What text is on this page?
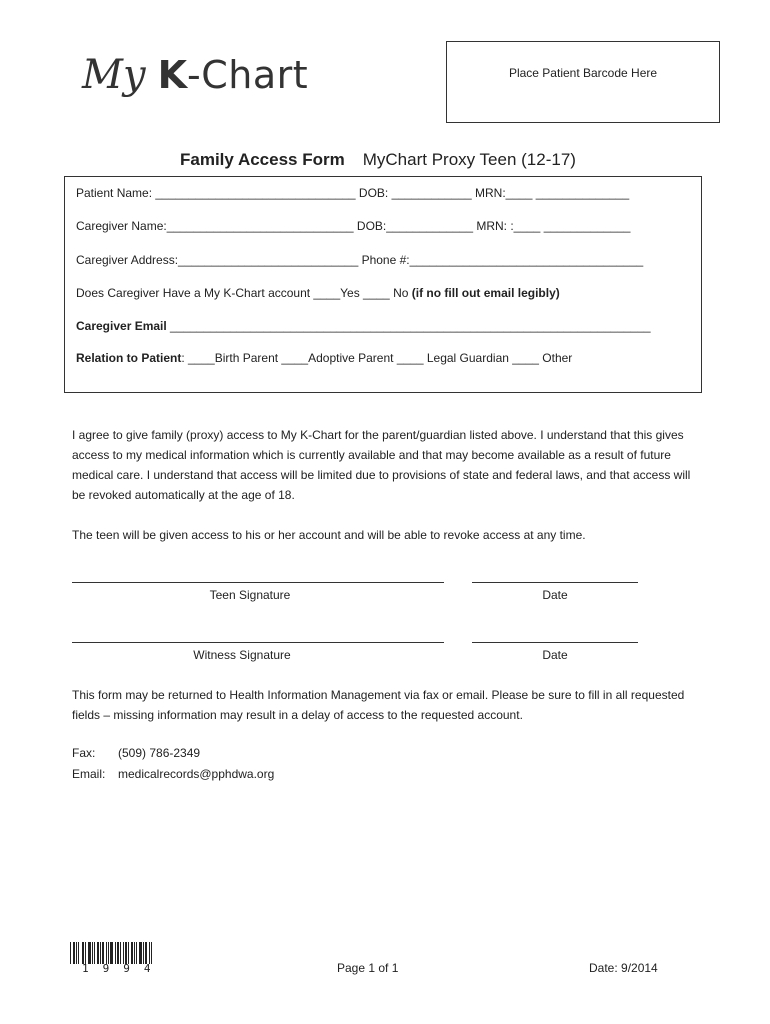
My K-Chart	Place Patient Barcode Here
Family Access Form MyChart Proxy Teen (12-17)
Patient Name: ______________________________ DOB: ____________ MRN:____ ______________
Caregiver Name:____________________________ DOB:_____________ MRN: :____ _____________
Caregiver Address:___________________________ Phone #:___________________________________
Does Caregiver Have a My K-Chart account ____Yes ____ No (if no fill out email legibly)
Caregiver Email ________________________________________________________________________
Relation to Patient: ____Birth Parent ____Adoptive Parent ____ Legal Guardian ____ Other
I agree to give family (proxy) access to My K-Chart for the parent/guardian listed above. I understand that this gives access to my medical information which is currently available and that may become available as a result of future medical care. I understand that access will be limited due to provisions of state and federal laws, and that access will be revoked automatically at the age of 18.
The teen will be given access to his or her account and will be able to revoke access at any time.
Teen Signature	Date
Witness Signature	Date
This form may be returned to Health Information Management via fax or email. Please be sure to fill in all requested fields – missing information may result in a delay of access to the requested account.
Fax: (509) 786-2349
Email: medicalrecords@pphdwa.org
1994	Page 1 of 1	Date: 9/2014
